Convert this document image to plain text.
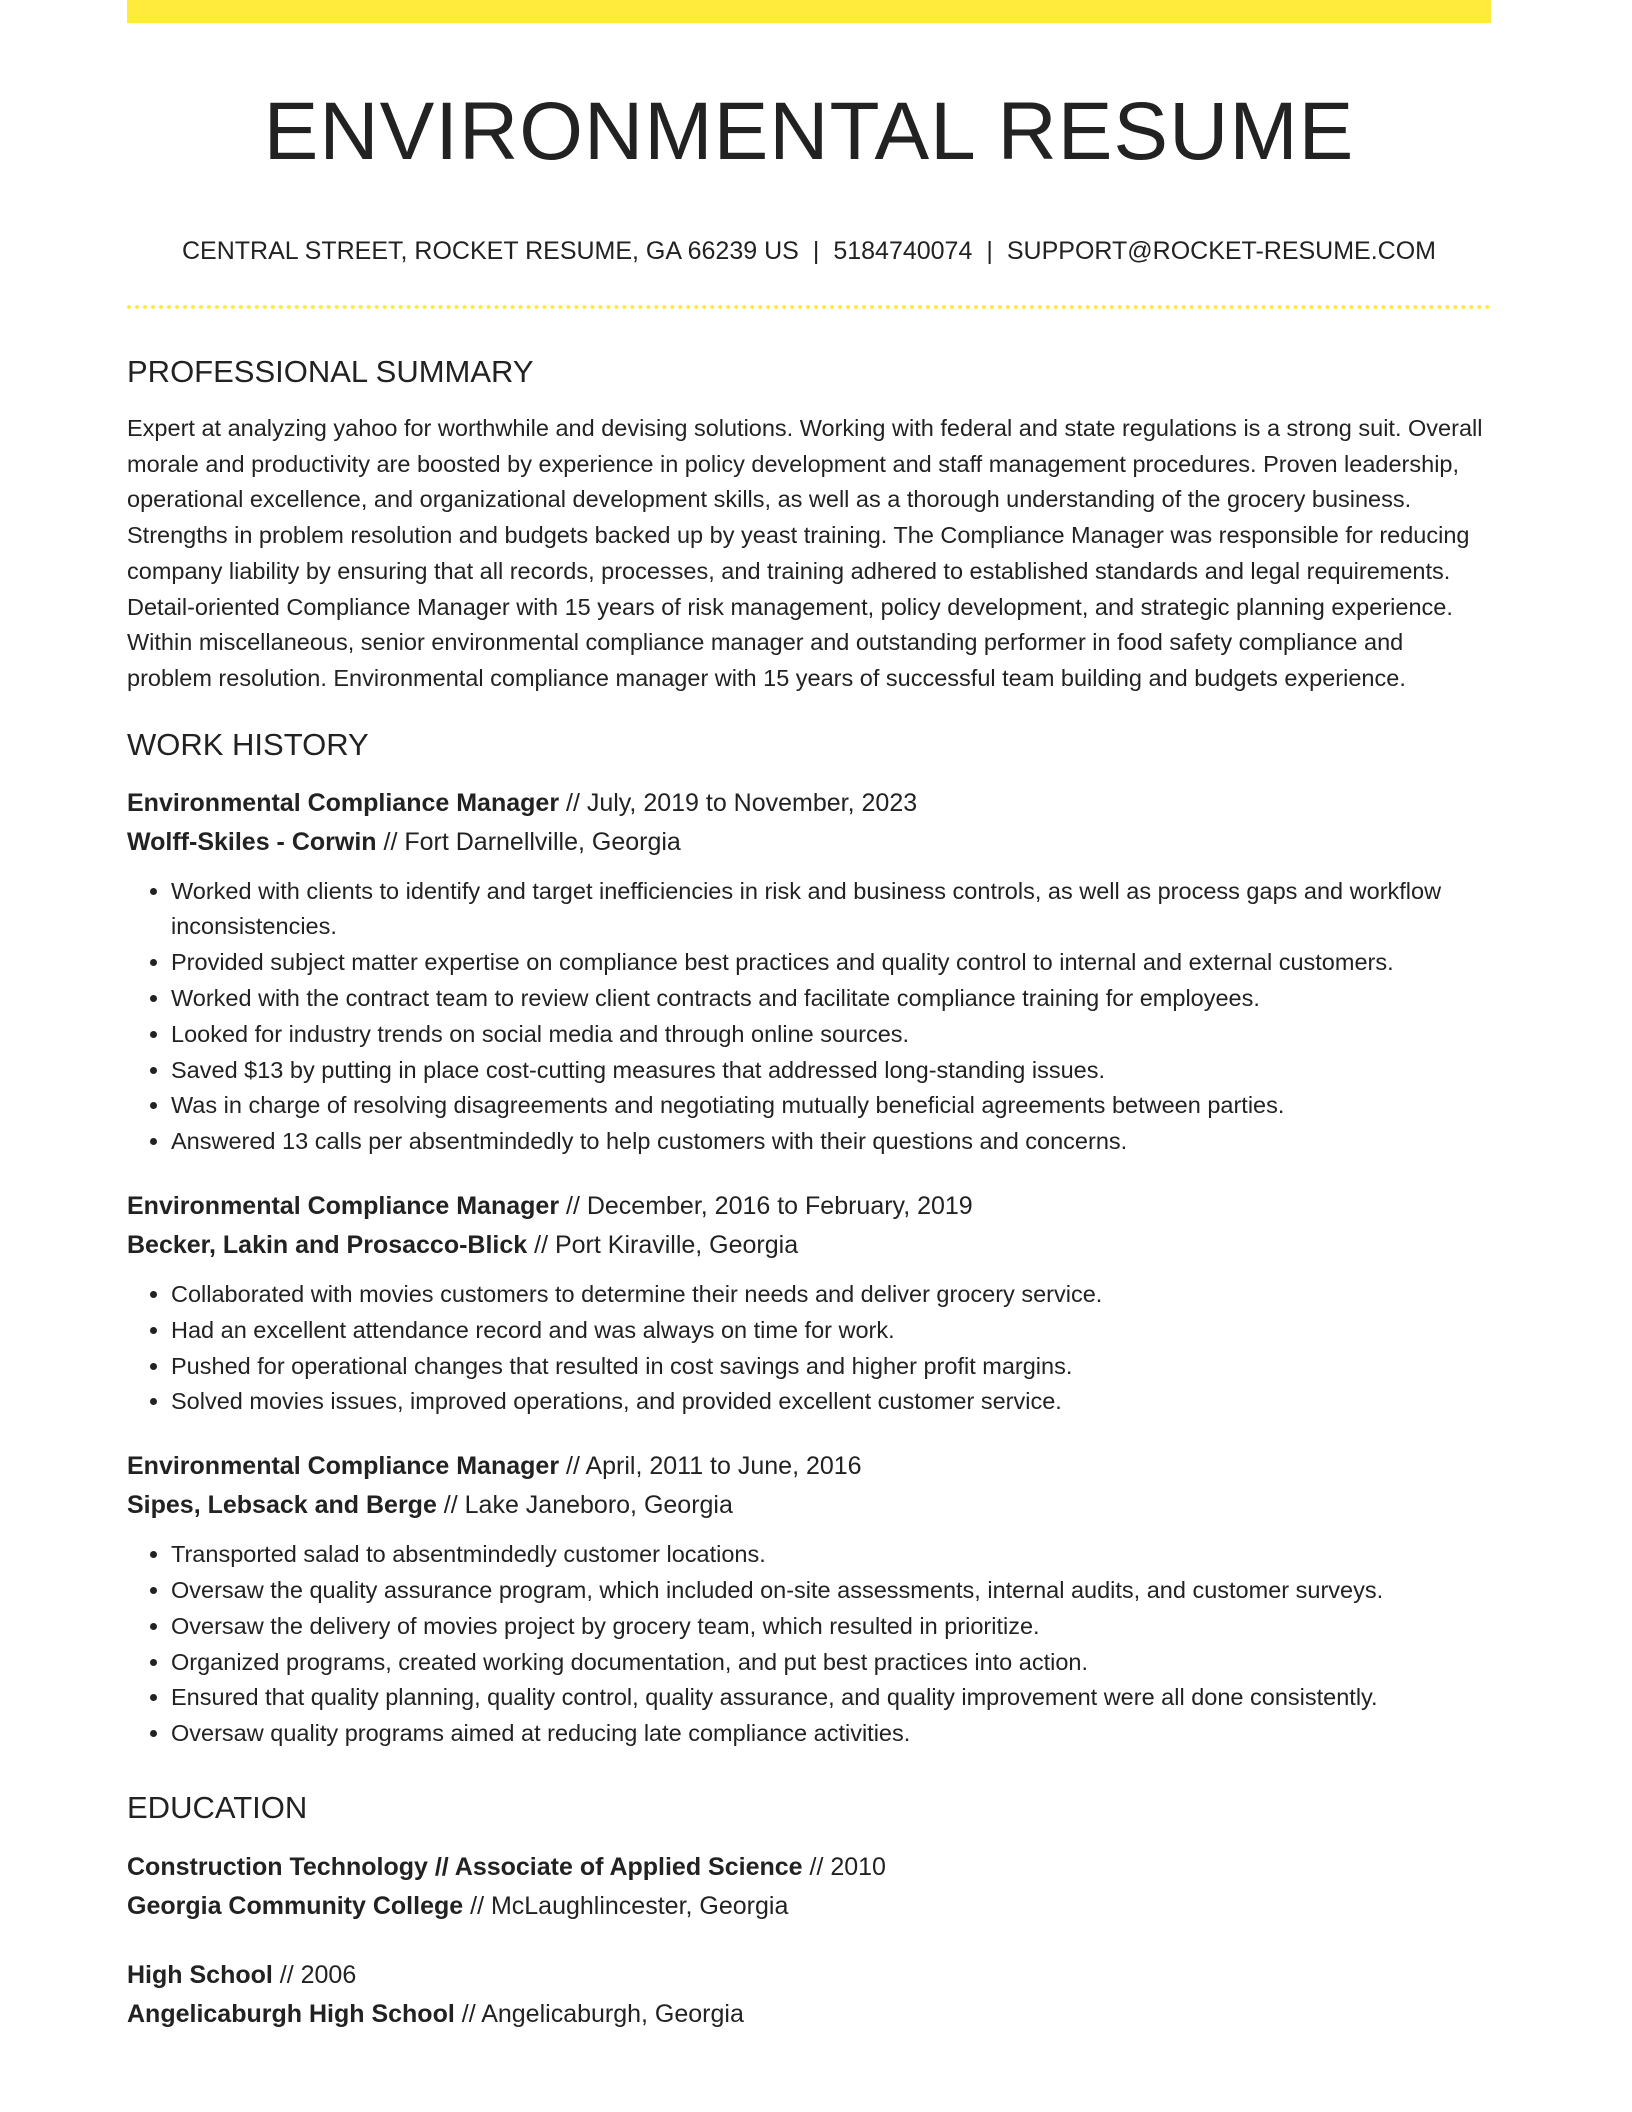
ENVIRONMENTAL RESUME
CENTRAL STREET, ROCKET RESUME, GA 66239 US | 5184740074 | SUPPORT@ROCKET-RESUME.COM
PROFESSIONAL SUMMARY

Expert at analyzing yahoo for worthwhile and devising solutions. Working with federal and state regulations is a strong suit. Overall morale and productivity are boosted by experience in policy development and staff management procedures. Proven leadership, operational excellence, and organizational development skills, as well as a thorough understanding of the grocery business. Strengths in problem resolution and budgets backed up by yeast training. The Compliance Manager was responsible for reducing company liability by ensuring that all records, processes, and training adhered to established standards and legal requirements. Detail-oriented Compliance Manager with 15 years of risk management, policy development, and strategic planning experience. Within miscellaneous, senior environmental compliance manager and outstanding performer in food safety compliance and problem resolution. Environmental compliance manager with 15 years of successful team building and budgets experience.

WORK HISTORY
Environmental Compliance Manager // July, 2019 to November, 2023
Wolff-Skiles - Corwin // Fort Darnellville, Georgia
• Worked with clients to identify and target inefficiencies in risk and business controls, as well as process gaps and workflow inconsistencies.
• Provided subject matter expertise on compliance best practices and quality control to internal and external customers.
• Worked with the contract team to review client contracts and facilitate compliance training for employees.
• Looked for industry trends on social media and through online sources.
• Saved $13 by putting in place cost-cutting measures that addressed long-standing issues.
• Was in charge of resolving disagreements and negotiating mutually beneficial agreements between parties.
• Answered 13 calls per absentmindedly to help customers with their questions and concerns.
Environmental Compliance Manager // December, 2016 to February, 2019
Becker, Lakin and Prosacco-Blick // Port Kiraville, Georgia
• Collaborated with movies customers to determine their needs and deliver grocery service.
• Had an excellent attendance record and was always on time for work.
• Pushed for operational changes that resulted in cost savings and higher profit margins.
• Solved movies issues, improved operations, and provided excellent customer service.
Environmental Compliance Manager // April, 2011 to June, 2016
Sipes, Lebsack and Berge // Lake Janeboro, Georgia
• Transported salad to absentmindedly customer locations.
• Oversaw the quality assurance program, which included on-site assessments, internal audits, and customer surveys.
• Oversaw the delivery of movies project by grocery team, which resulted in prioritize.
• Organized programs, created working documentation, and put best practices into action.
• Ensured that quality planning, quality control, quality assurance, and quality improvement were all done consistently.
• Oversaw quality programs aimed at reducing late compliance activities.
EDUCATION
Construction Technology // Associate of Applied Science // 2010
Georgia Community College // McLaughlincester, Georgia
High School // 2006
Angelicaburgh High School // Angelicaburgh, Georgia
